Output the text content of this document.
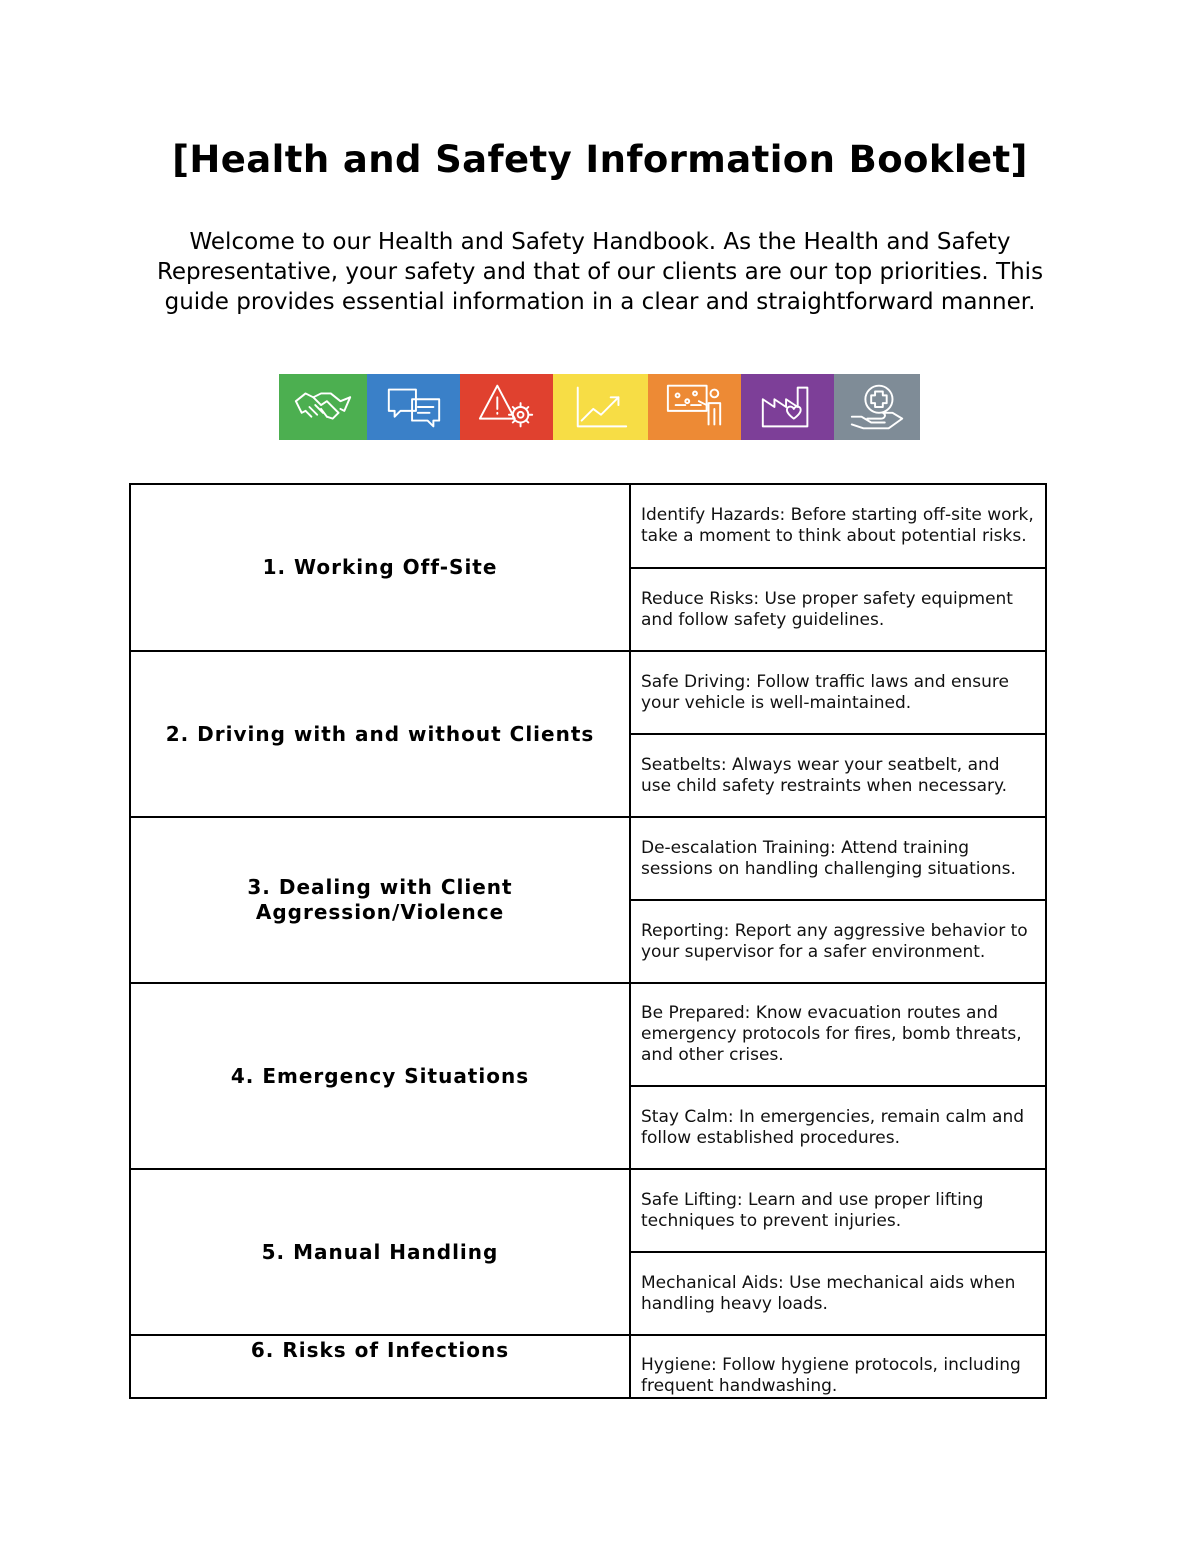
[Health and Safety Information Booklet]
Welcome to our Health and Safety Handbook. As the Health and Safety Representative, your safety and that of our clients are our top priorities. This guide provides essential information in a clear and straightforward manner.
1. Working Off-Site	Identify Hazards: Before starting off-site work, take a moment to think about potential risks.
	Reduce Risks: Use proper safety equipment and follow safety guidelines.
2. Driving with and without Clients	Safe Driving: Follow traffic laws and ensure your vehicle is well-maintained.
	Seatbelts: Always wear your seatbelt, and use child safety restraints when necessary.
3. Dealing with Client Aggression/Violence	De-escalation Training: Attend training sessions on handling challenging situations.
	Reporting: Report any aggressive behavior to your supervisor for a safer environment.
4. Emergency Situations	Be Prepared: Know evacuation routes and emergency protocols for fires, bomb threats, and other crises.
	Stay Calm: In emergencies, remain calm and follow established procedures.
5. Manual Handling	Safe Lifting: Learn and use proper lifting techniques to prevent injuries.
	Mechanical Aids: Use mechanical aids when handling heavy loads.
6. Risks of Infections	Hygiene: Follow hygiene protocols, including frequent handwashing.
